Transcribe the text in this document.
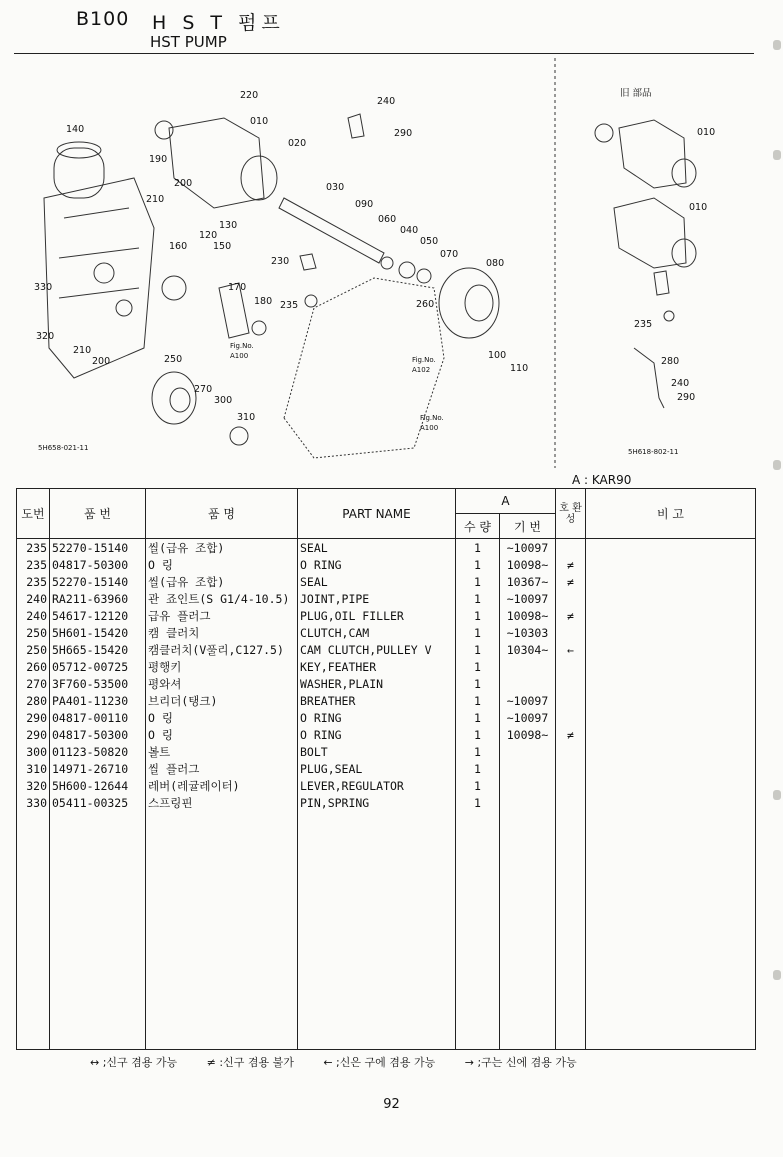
B100 H S T 펌프
HST PUMP
220
240
010
290
140
020
190
200	030
090
210
060
130	040
050
120
150
070
160
230	080
330	170
180 235	260
320
210	Fig.No.
A100	100
200	250
110
Fig.No.
A102
270
300
310	Fig.No.
A100
5H658-021-11
旧 部品
010
010
235
280
240
290
5H618-802-11
A : KAR90
도번	품 번	품 명	PART NAME	A		호 환 성	비 고
				수 량	기 번		
235	52270-15140	씰(급유 조합)	SEAL	1	~10097		
235	04817-50300	O 링	O RING	1	10098~	≠	
235	52270-15140	씰(급유 조합)	SEAL	1	10367~	≠	
240	RA211-63960	관 죠인트(S G1/4-10.5)	JOINT,PIPE	1	~10097		
240	54617-12120	급유 플러그	PLUG,OIL FILLER	1	10098~	≠	
250	5H601-15420	캠 클러치	CLUTCH,CAM	1	~10303		
250	5H665-15420	캠클러치(V풀리,C127.5)	CAM CLUTCH,PULLEY V	1	10304~	←	
260	05712-00725	평행키	KEY,FEATHER	1			
270	3F760-53500	평와셔	WASHER,PLAIN	1			
280	PA401-11230	브리더(탱크)	BREATHER	1	~10097		
290	04817-00110	O 링	O RING	1	~10097		
290	04817-50300	O 링	O RING	1	10098~	≠	
300	01123-50820	볼트	BOLT	1			
310	14971-26710	씰 플러그	PLUG,SEAL	1			
320	5H600-12644	레버(레귤레이터)	LEVER,REGULATOR	1			
330	05411-00325	스프링핀	PIN,SPRING	1			

↔ ;신구 겸용 가능	≠ :신구 겸용 불가	← ;신은 구에 겸용 가능	→ ;구는 신에 겸용 가능
92
